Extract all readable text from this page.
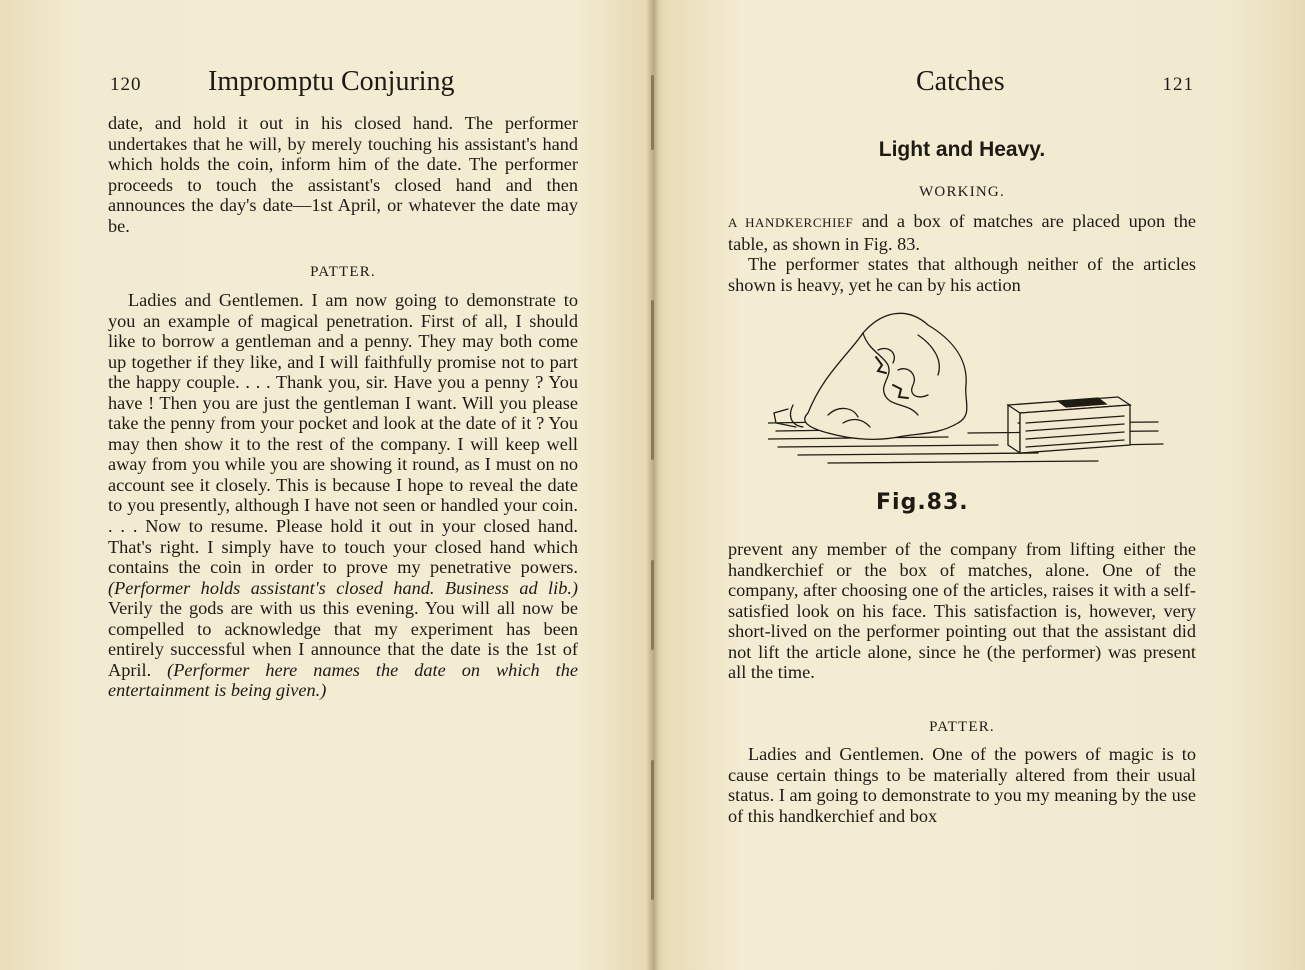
120 Impromptu Conjuring

date, and hold it out in his closed hand. The performer undertakes that he will, by merely touching his assistant's hand which holds the coin, inform him of the date. The performer proceeds to touch the assistant's closed hand and then announces the day's date—1st April, or whatever the date may be.

PATTER.

Ladies and Gentlemen. I am now going to demonstrate to you an example of magical penetration. First of all, I should like to borrow a gentleman and a penny. They may both come up together if they like, and I will faithfully promise not to part the happy couple. . . . Thank you, sir. Have you a penny ? You have ! Then you are just the gentleman I want. Will you please take the penny from your pocket and look at the date of it ? You may then show it to the rest of the company. I will keep well away from you while you are showing it round, as I must on no account see it closely. This is because I hope to reveal the date to you presently, although I have not seen or handled your coin. . . . Now to resume. Please hold it out in your closed hand. That's right. I simply have to touch your closed hand which contains the coin in order to prove my penetrative powers. (Performer holds assistant's closed hand. Business ad lib.) Verily the gods are with us this evening. You will all now be compelled to acknowledge that my experiment has been entirely successful when I announce that the date is the 1st of April. (Performer here names the date on which the entertainment is being given.)

Catches	121
Light and Heavy.

WORKING.

A HANDKERCHIEF and a box of matches are placed upon the table, as shown in Fig. 83.

The performer states that although neither of the articles shown is heavy, yet he can by his action

Fig.83.

prevent any member of the company from lifting either the handkerchief or the box of matches, alone. One of the company, after choosing one of the articles, raises it with a self-satisfied look on his face. This satisfaction is, however, very short-lived on the performer pointing out that the assistant did not lift the article alone, since he (the performer) was present all the time.

PATTER.

Ladies and Gentlemen. One of the powers of magic is to cause certain things to be materially altered from their usual status. I am going to demonstrate to you my meaning by the use of this handkerchief and box
